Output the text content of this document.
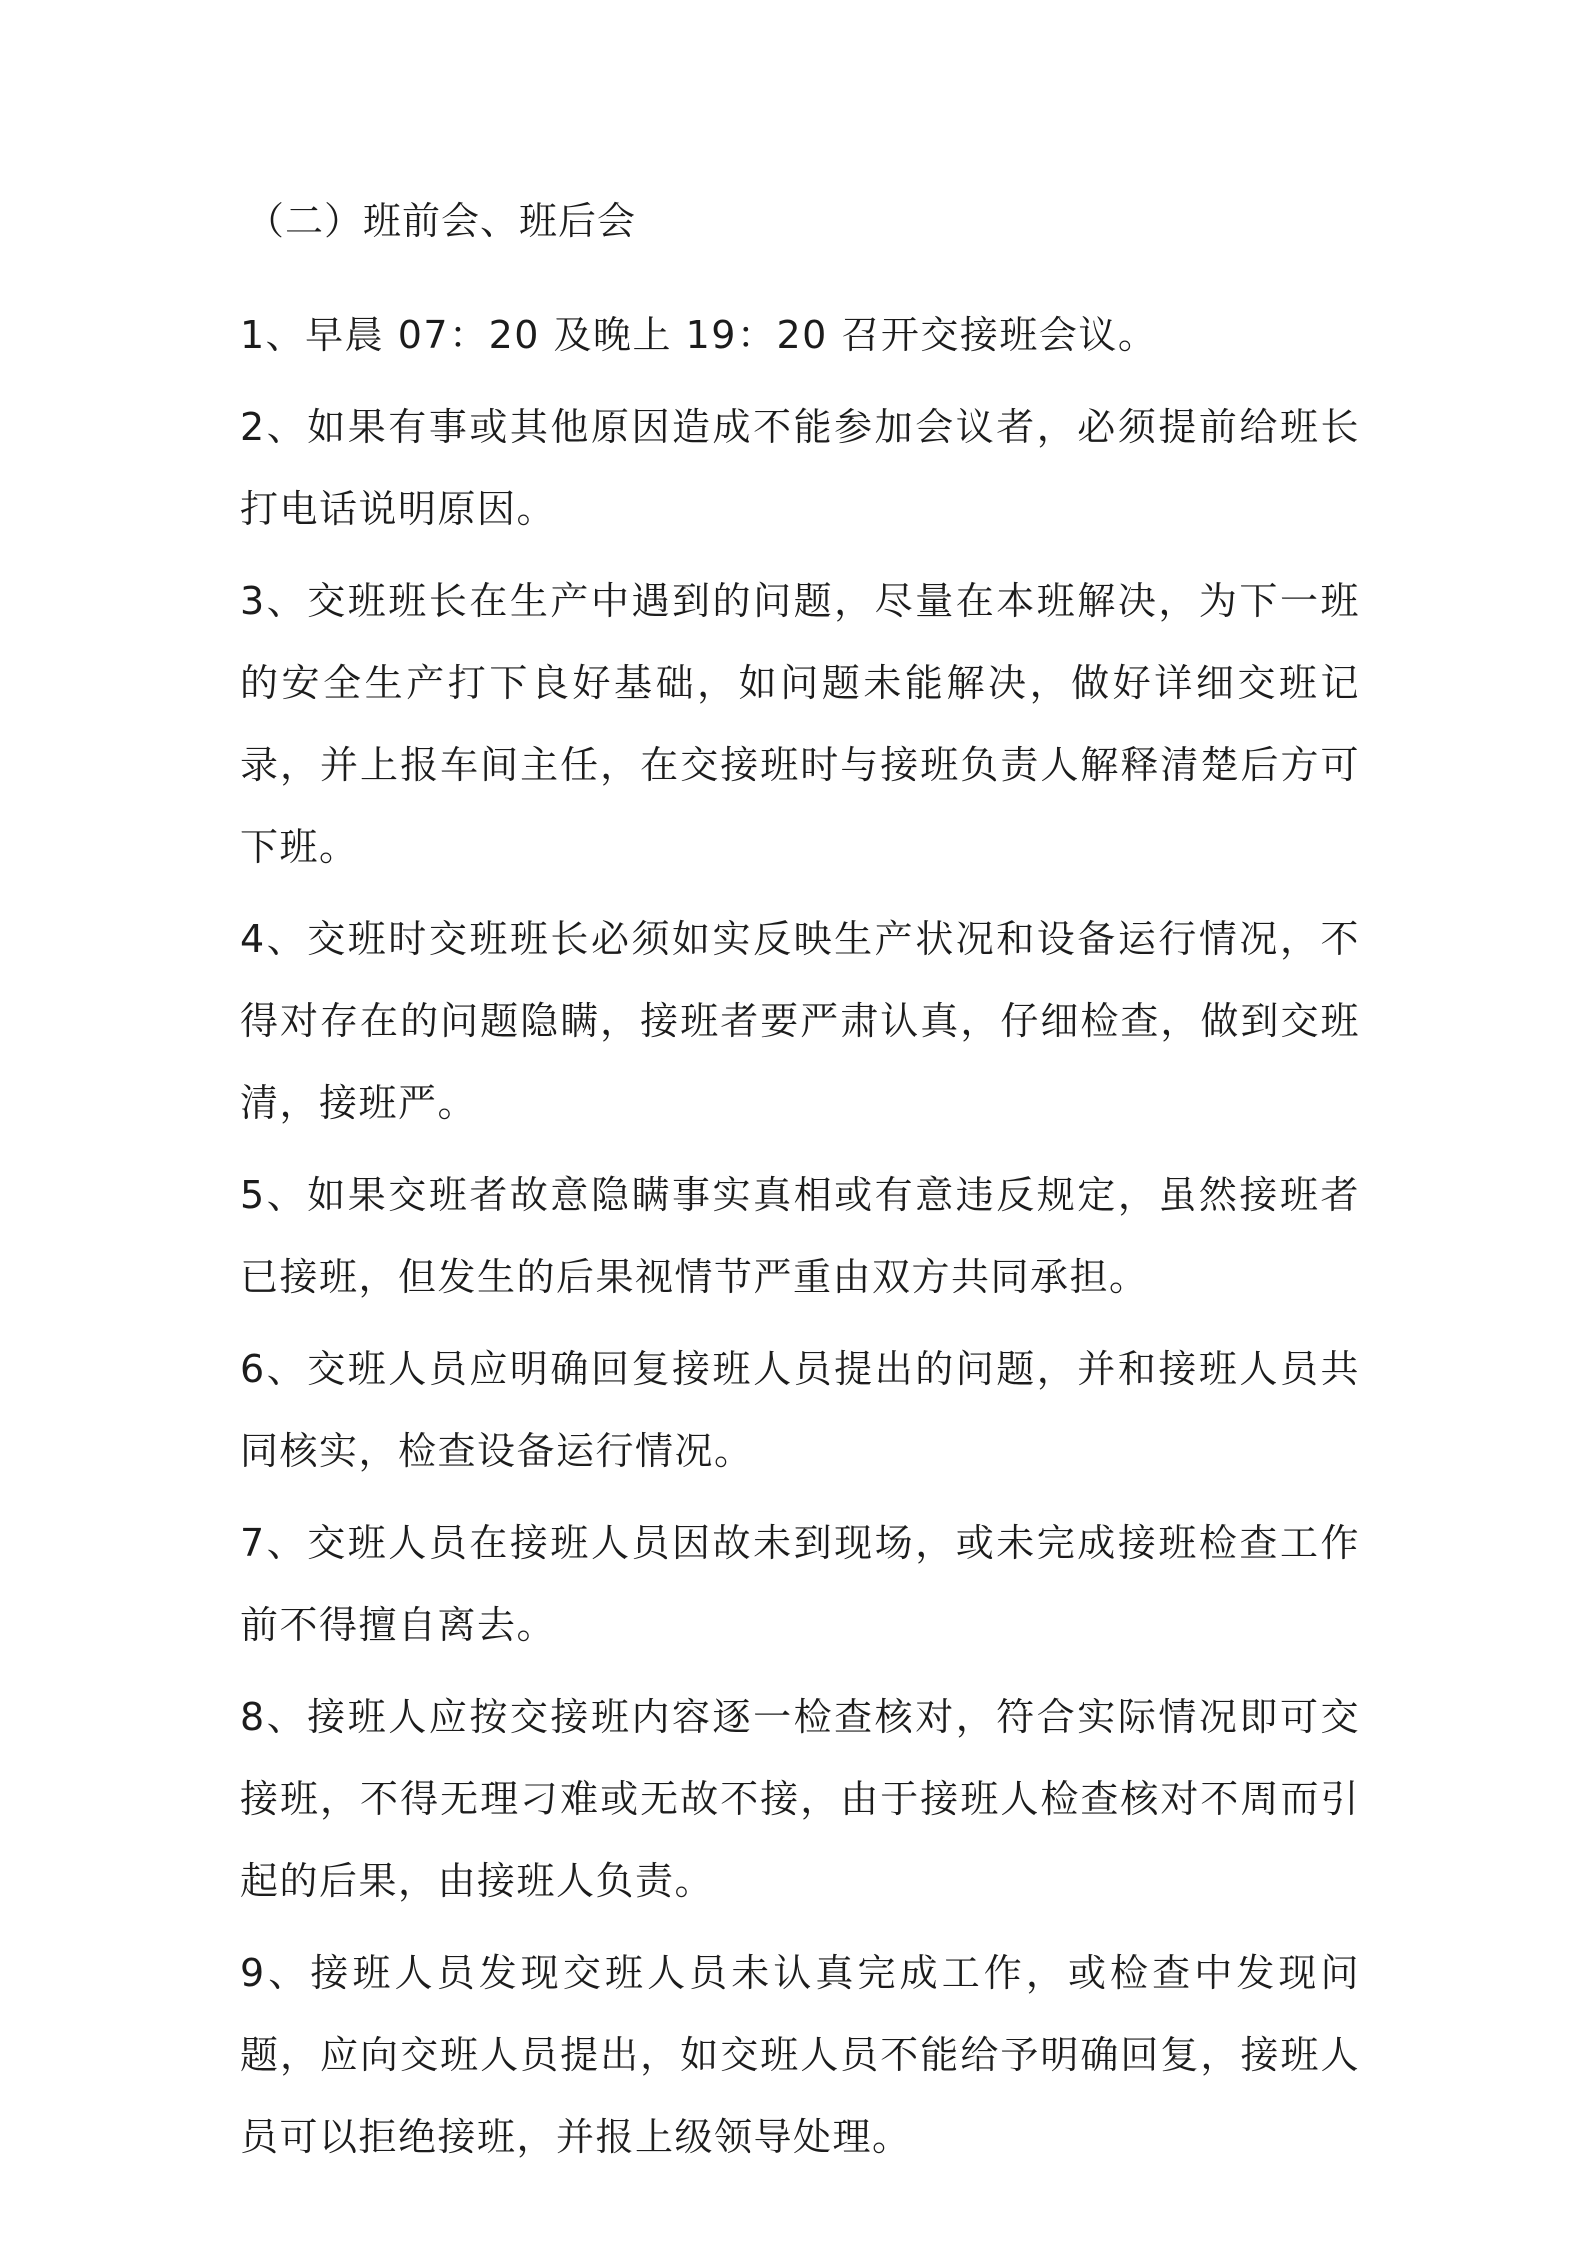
（二）班前会、班后会
1、早晨 07：20 及晚上 19：20 召开交接班会议。
2、如果有事或其他原因造成不能参加会议者，必须提前给班长打电话说明原因。
3、交班班长在生产中遇到的问题，尽量在本班解决，为下一班的安全生产打下良好基础，如问题未能解决，做好详细交班记录，并上报车间主任，在交接班时与接班负责人解释清楚后方可下班。
4、交班时交班班长必须如实反映生产状况和设备运行情况，不得对存在的问题隐瞒，接班者要严肃认真，仔细检查，做到交班清，接班严。
5、如果交班者故意隐瞒事实真相或有意违反规定，虽然接班者已接班，但发生的后果视情节严重由双方共同承担。
6、交班人员应明确回复接班人员提出的问题，并和接班人员共同核实，检查设备运行情况。
7、交班人员在接班人员因故未到现场，或未完成接班检查工作前不得擅自离去。
8、接班人应按交接班内容逐一检查核对，符合实际情况即可交接班，不得无理刁难或无故不接，由于接班人检查核对不周而引起的后果，由接班人负责。
9、接班人员发现交班人员未认真完成工作，或检查中发现问题，应向交班人员提出，如交班人员不能给予明确回复，接班人员可以拒绝接班，并报上级领导处理。
